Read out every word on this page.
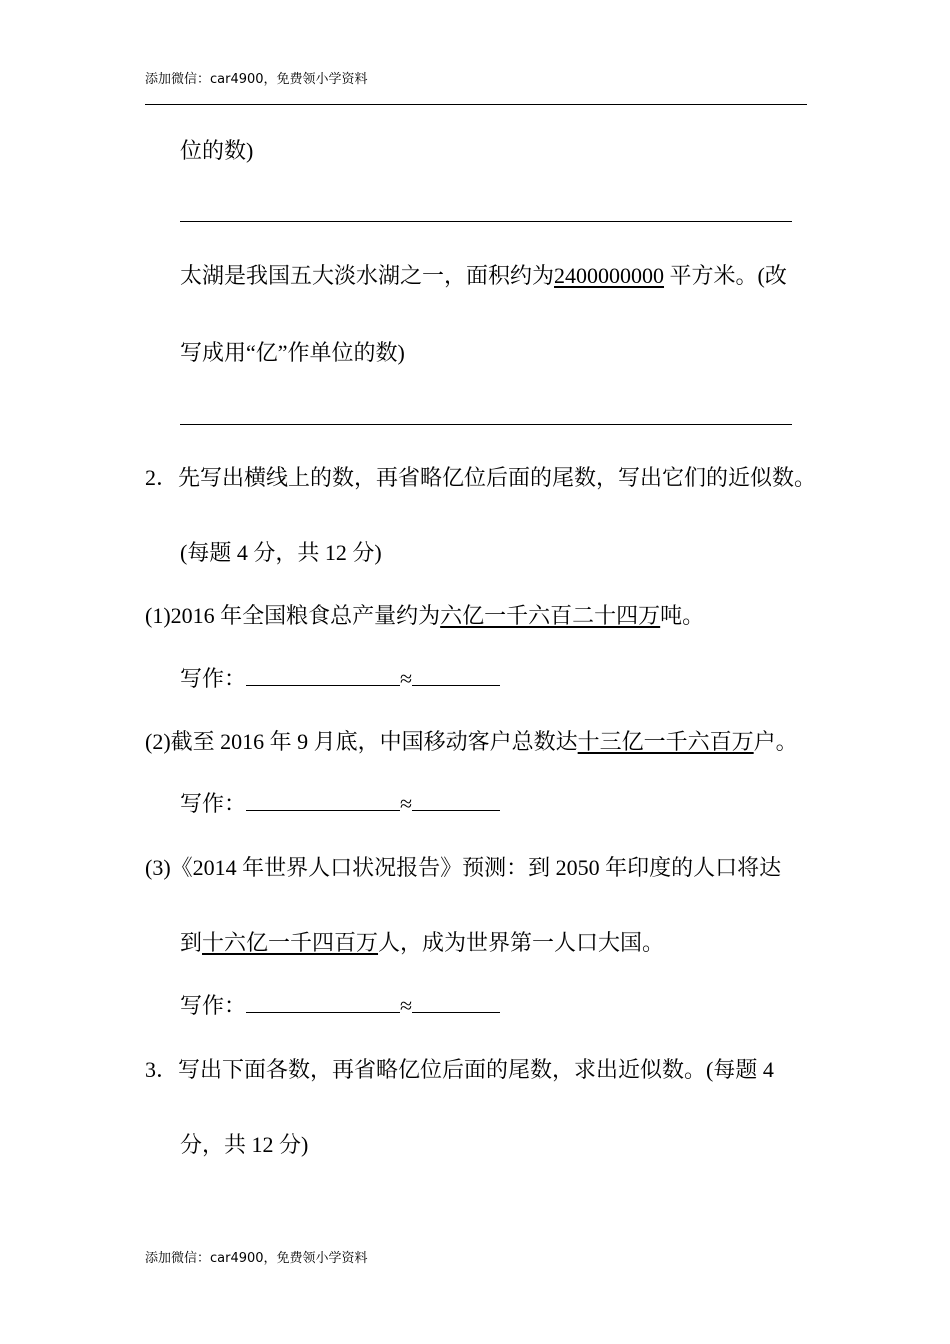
添加微信：car4900，免费领小学资料
位的数)
太湖是我国五大淡水湖之一，面积约为2400000000 平方米。(改
写成用“亿”作单位的数)
2．先写出横线上的数，再省略亿位后面的尾数，写出它们的近似数。
(每题 4 分，共 12 分)
(1)2016 年全国粮食总产量约为六亿一千六百二十四万吨。
写作：	≈
(2)截至 2016 年 9 月底，中国移动客户总数达十三亿一千六百万户。
写作：	≈
(3)《2014 年世界人口状况报告》预测：到 2050 年印度的人口将达
到十六亿一千四百万人，成为世界第一人口大国。
写作：	≈
3．写出下面各数，再省略亿位后面的尾数，求出近似数。(每题 4
分，共 12 分)
添加微信：car4900，免费领小学资料
